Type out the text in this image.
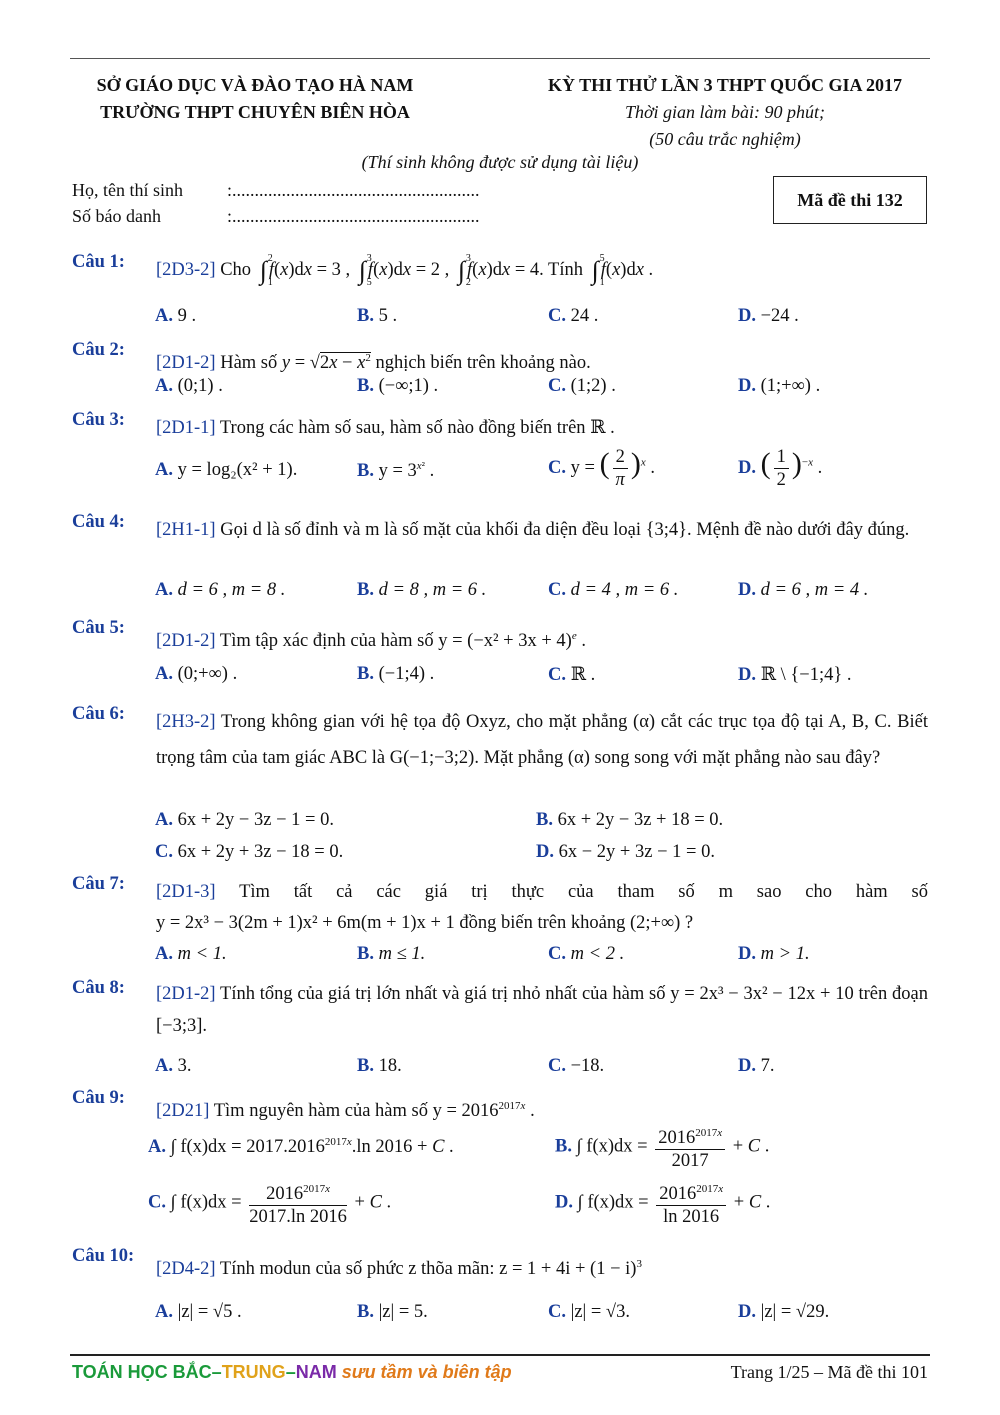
SỞ GIÁO DỤC VÀ ĐÀO TẠO HÀ NAM
TRƯỜNG THPT CHUYÊN BIÊN HÒA
KỲ THI THỬ LẦN 3 THPT QUỐC GIA 2017
Thời gian làm bài: 90 phút;
(50 câu trắc nghiệm)
(Thí sinh không được sử dụng tài liệu)
Họ, tên thí sinh :.......................................................
Số báo danh	:.......................................................
Mã đề thi 132
Câu 1: [2D3-2] Cho ∫ 2
1
f(x)dx = 3 , ∫ 3
5
f(x)dx = 2 , ∫ 3
2
f(x)dx = 4. Tính ∫ 5
1
f(x)dx .
A. 9 .	B. 5 .	C. 24 .	D. −24 .
Câu 2:
[2D1-2] Hàm số $y = √2x - x^2$ nghịch biến trên khoảng nào.
A. (0;1) .	B. (−∞;1) .	C. (1;2) .	D. (1;+∞) .
Câu 3: [2D1-1] Trong các hàm số sau, hàm số nào đồng biến trên ℝ .
A. y = log₂(x² + 1).	B. $y = 3^{x^2}$ .	C. y = ( $\frac{2}{\pi} )^x$ .	D. ( $\frac{1}{2} )^{-x}$ .
Câu 4: [2H1-1] Gọi d là số đỉnh và m là số mặt của khối đa diện đều loại {3;4}. Mệnh đề nào dưới đây đúng.
A. d = 6 , m = 8 .	B. d = 8 , m = 6 .	C. d = 4 , m = 6 .	D. d = 6 , m = 4 .
Câu 5:
[2D1-2] Tìm tập xác định của hàm số $y = (-x^2 + 3x + 4)^e$ .
A. (0;+∞) .	B. (−1;4) .	C. ℝ .	D. ℝ \ {−1;4} .
Câu 6: [2H3-2] Trong không gian với hệ tọa độ Oxyz, cho mặt phẳng (α) cắt các trục tọa độ tại A, B, C. Biết trọng tâm của tam giác ABC là G(−1;−3;2). Mặt phẳng (α) song song với mặt phẳng nào sau đây?
A. 6x + 2y − 3z − 1 = 0.	B. 6x + 2y − 3z + 18 = 0.
C. 6x + 2y + 3z − 18 = 0.	D. 6x − 2y + 3z − 1 = 0.
Câu 7: [2D1-3] Tìm tất cả các giá trị thực của tham số m sao cho hàm số
y = 2x³ − 3(2m + 1)x² + 6m(m + 1)x + 1 đồng biến trên khoảng (2;+∞) ?
A. m < 1.	B. m ≤ 1.	C. m < 2 .	D. m > 1.
Câu 8: [2D1-2] Tính tổng của giá trị lớn nhất và giá trị nhỏ nhất của hàm số y = 2x³ − 3x² − 12x + 10 trên đoạn [−3;3].
A. 3.	B. 18.	C. −18.	D. 7.
Câu 9:
[2D21] Tìm nguyên hàm của hàm số $y = 2016^{2017x}$ .
A. ∫ $f(x)dx = 2017.2016^{2017x}.\ln$ 2016 + C .	B. ∫ $f(x)dx = \frac{2016^{2017x}}{2017} + C$ .
C. ∫ $f(x)dx = \frac{2016^{2017x}}{2017.\ln 2016} + C$ .	D. ∫ $f(x)dx = \frac{2016^{2017x}}{\ln 2016} + C$ .
Câu 10:
[2D4-2] Tính modun của số phức z thõa mãn: $z = 1 + 4i + (1 - i)^3$
A. |z| = √5 .	B. |z| = 5.	C. |z| = √3.	D. |z| = √29.
TOÁN HỌC BẮC–TRUNG–NAM sưu tầm và biên tập	Trang 1/25 – Mã đề thi 101
